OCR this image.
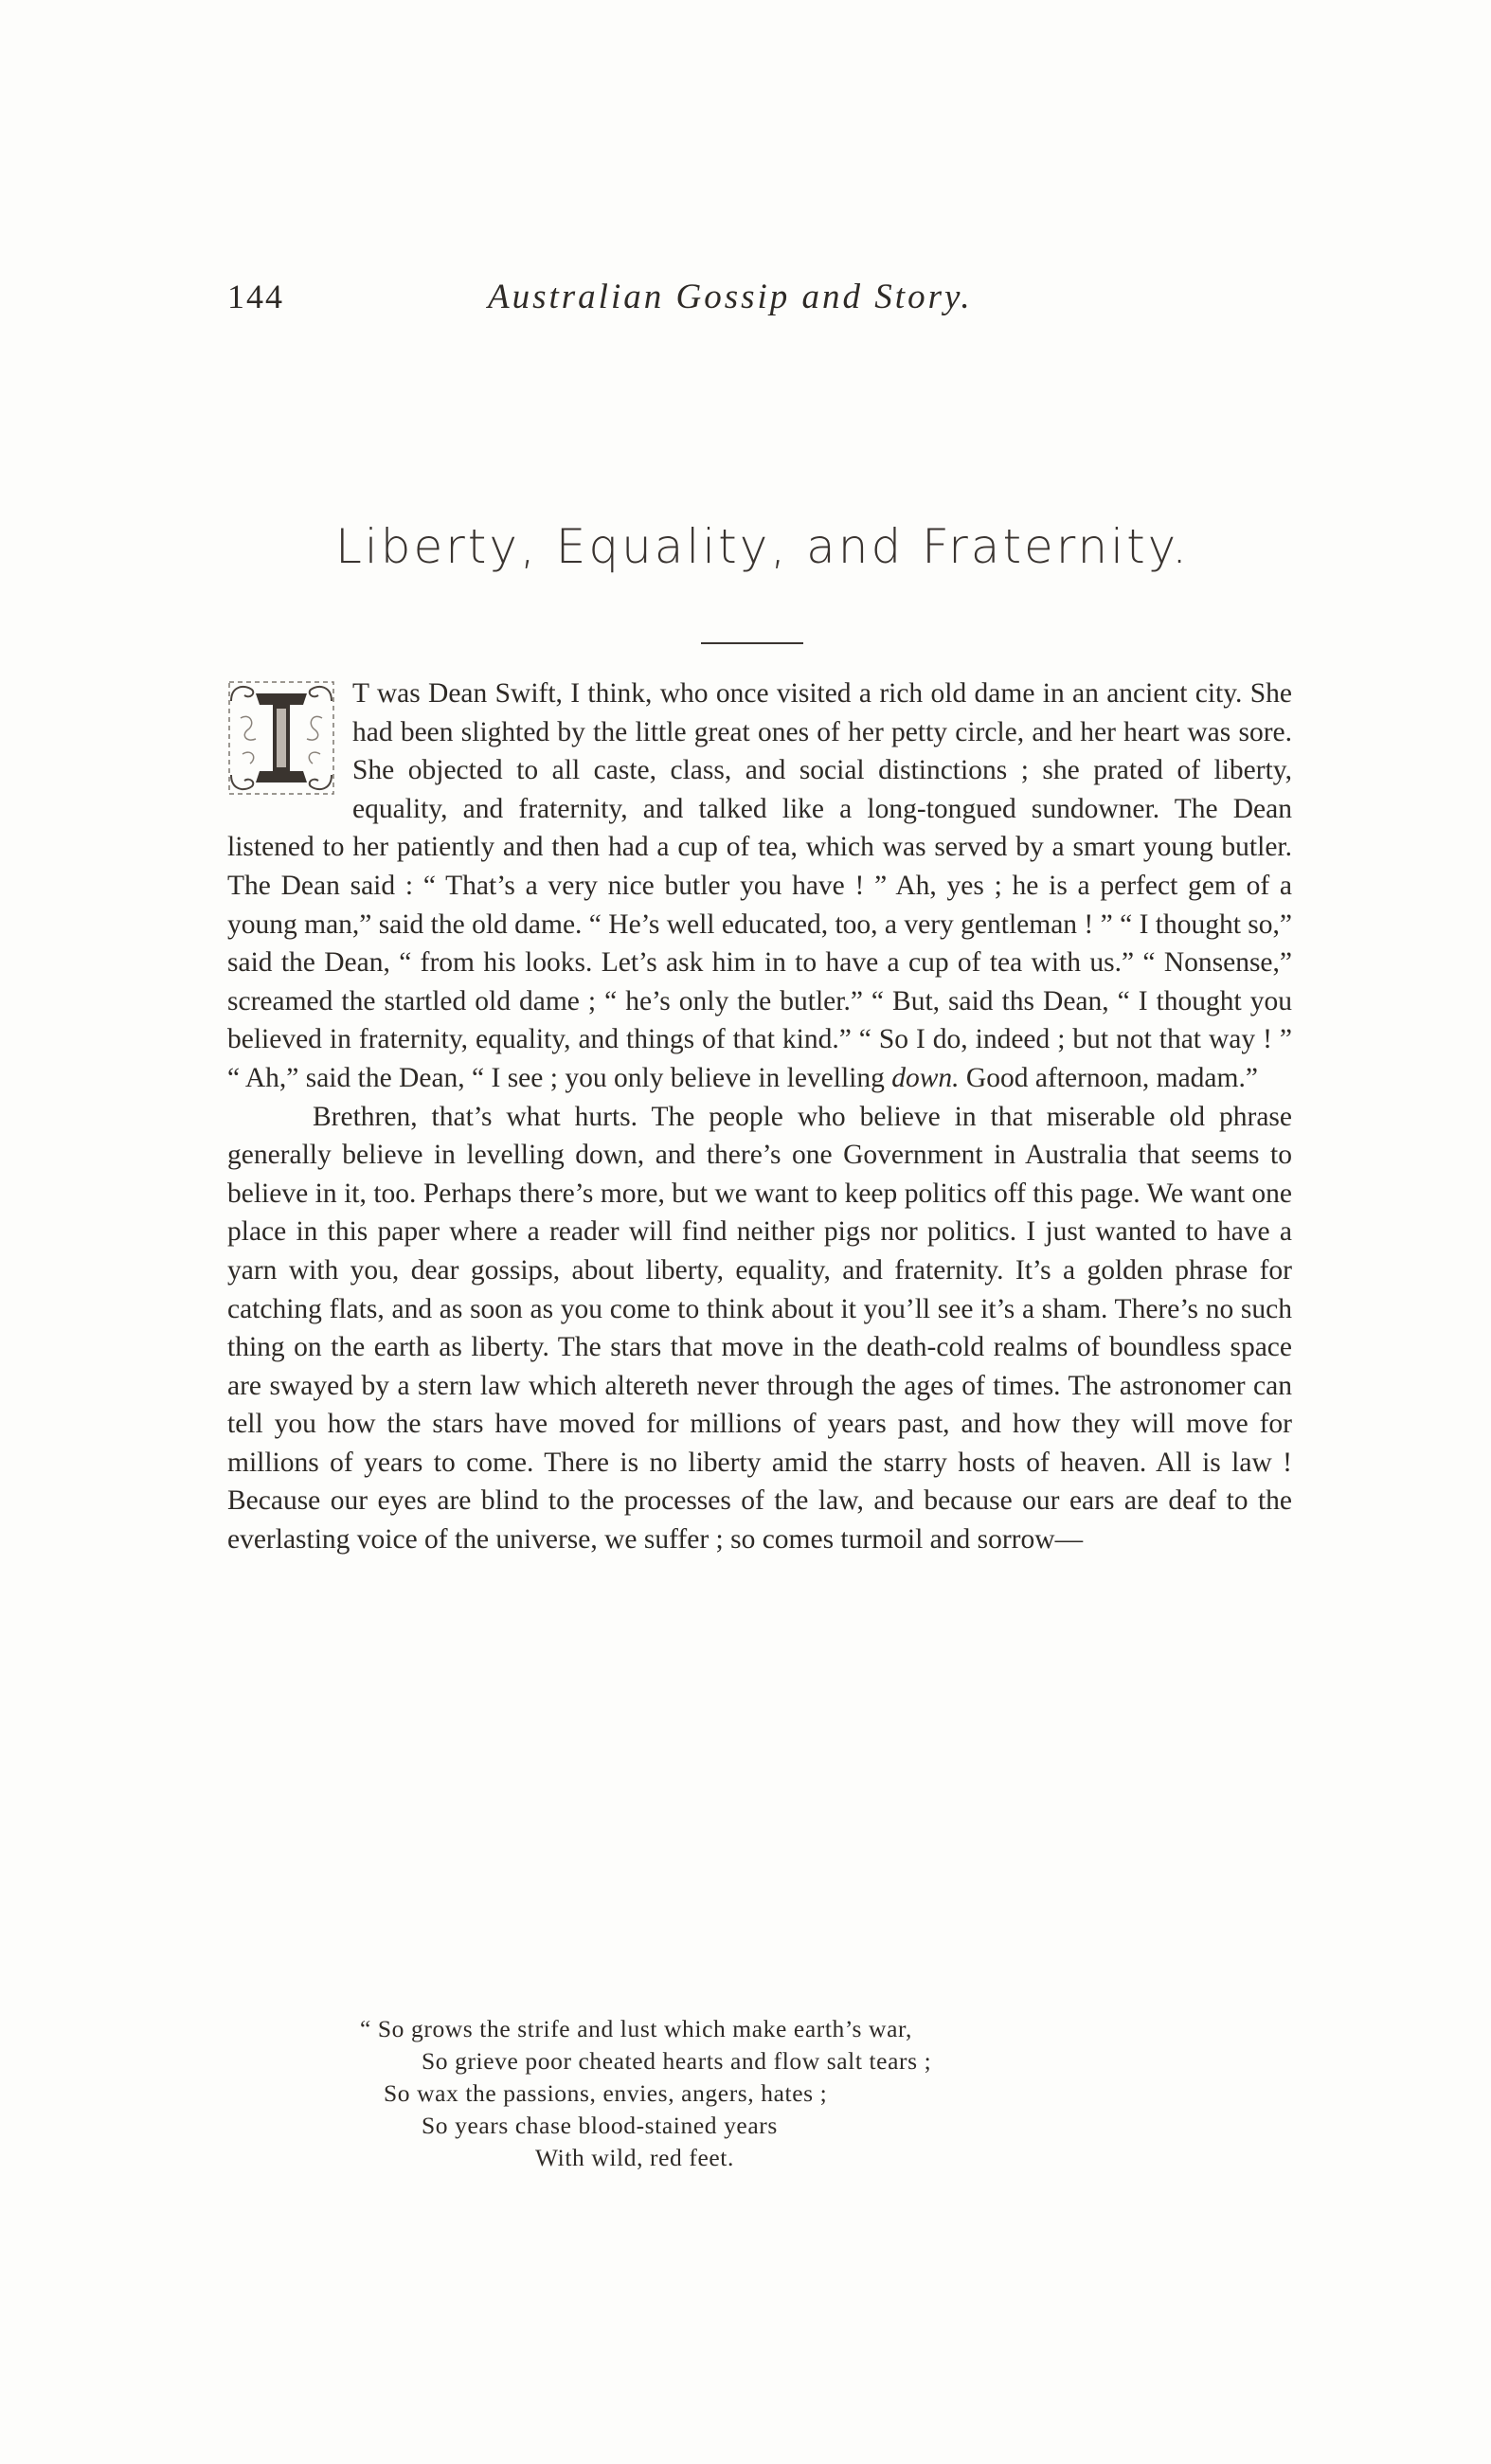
144	Australian Gossip and Story.
Liberty, Equality, and Fraternity.

T was Dean Swift, I think, who once visited a rich old dame in an ancient city. She had been slighted by the little great ones of her petty circle, and her heart was sore. She objected to all caste, class, and social distinctions ; she prated of liberty, equality, and fraternity, and talked like a long-tongued sundowner. The Dean listened to her patiently and then had a cup of tea, which was served by a smart young butler. The Dean said : “ That’s a very nice butler you have ! ” Ah, yes ; he is a perfect gem of a young man,” said the old dame. “ He’s well educated, too, a very gentleman ! ” “ I thought so,” said the Dean, “ from his looks. Let’s ask him in to have a cup of tea with us.” “ Nonsense,” screamed the startled old dame ; “ he’s only the butler.” “ But, said ths Dean, “ I thought you believed in fraternity, equality, and things of that kind.” “ So I do, indeed ; but not that way ! ” “ Ah,” said the Dean, “ I see ; you only believe in levelling down. Good afternoon, madam.”

Brethren, that’s what hurts. The people who believe in that miserable old phrase generally believe in levelling down, and there’s one Government in Australia that seems to believe in it, too. Perhaps there’s more, but we want to keep politics off this page. We want one place in this paper where a reader will find neither pigs nor politics. I just wanted to have a yarn with you, dear gossips, about liberty, equality, and fraternity. It’s a golden phrase for catching flats, and as soon as you come to think about it you’ll see it’s a sham. There’s no such thing on the earth as liberty. The stars that move in the death-cold realms of boundless space are swayed by a stern law which altereth never through the ages of times. The astronomer can tell you how the stars have moved for millions of years past, and how they will move for millions of years to come. There is no liberty amid the starry hosts of heaven. All is law ! Because our eyes are blind to the processes of the law, and because our ears are deaf to the everlasting voice of the universe, we suffer ; so comes turmoil and sorrow—

“ So grows the strife and lust which make earth’s war,
So grieve poor cheated hearts and flow salt tears ;
So wax the passions, envies, angers, hates ;
So years chase blood-stained years
With wild, red feet.
